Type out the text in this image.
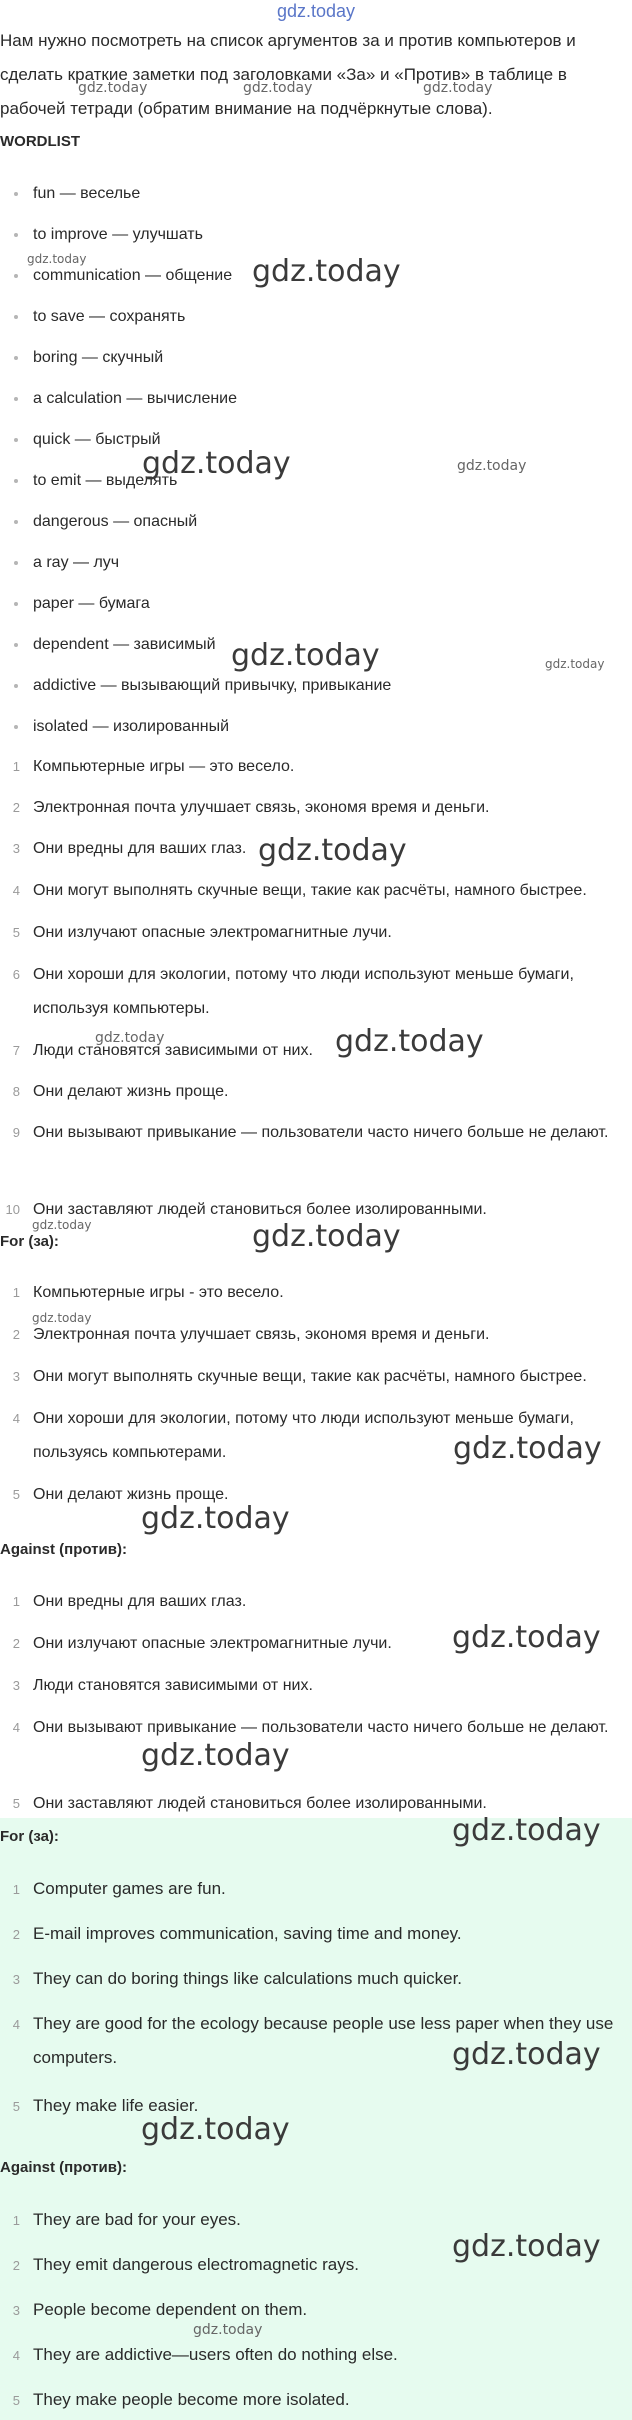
gdz.today
Нам нужно посмотреть на список аргументов за и против компьютеров и сделать краткие заметки под заголовками «За» и «Против» в таблице в рабочей тетради (обратим внимание на подчёркнутые слова).
WORDLIST
fun — веселье
to improve — улучшать
communication — общение
to save — сохранять
boring — скучный
a calculation — вычисление
quick — быстрый
to emit — выделять
dangerous — опасный
a ray — луч
paper — бумага
dependent — зависимый
addictive — вызывающий привычку, привыкание
isolated — изолированный
1 Компьютерные игры — это весело.
2 Электронная почта улучшает связь, экономя время и деньги.
3 Они вредны для ваших глаз.
4 Они могут выполнять скучные вещи, такие как расчёты, намного быстрее.
5 Они излучают опасные электромагнитные лучи.
6 Они хороши для экологии, потому что люди используют меньше бумаги, используя компьютеры.
7 Люди становятся зависимыми от них.
8 Они делают жизнь проще.
9 Они вызывают привыкание — пользователи часто ничего больше не делают.
10 Они заставляют людей становиться более изолированными.
For (за):
1 Компьютерные игры - это весело.
2 Электронная почта улучшает связь, экономя время и деньги.
3 Они могут выполнять скучные вещи, такие как расчёты, намного быстрее.
4 Они хороши для экологии, потому что люди используют меньше бумаги, пользуясь компьютерами.
5 Они делают жизнь проще.
Against (против):
1 Они вредны для ваших глаз.
2 Они излучают опасные электромагнитные лучи.
3 Люди становятся зависимыми от них.
4 Они вызывают привыкание — пользователи часто ничего больше не делают.
5 Они заставляют людей становиться более изолированными.
For (за):
1 Computer games are fun.
2 E-mail improves communication, saving time and money.
3 They can do boring things like calculations much quicker.
4 They are good for the ecology because people use less paper when they use computers.
5 They make life easier.
Against (против):
1 They are bad for your eyes.
2 They emit dangerous electromagnetic rays.
3 People become dependent on them.
4 They are addictive—users often do nothing else.
5 They make people become more isolated.
gdz.today	gdz.today	gdz.today
gdz.today	gdz.today
gdz.today	gdz.today
gdz.today	gdz.today
gdz.today
gdz.today	gdz.today
gdz.today	gdz.today
gdz.today
gdz.today
gdz.today
gdz.today
gdz.today
gdz.today
gdz.today
gdz.today
gdz.today
gdz.today
